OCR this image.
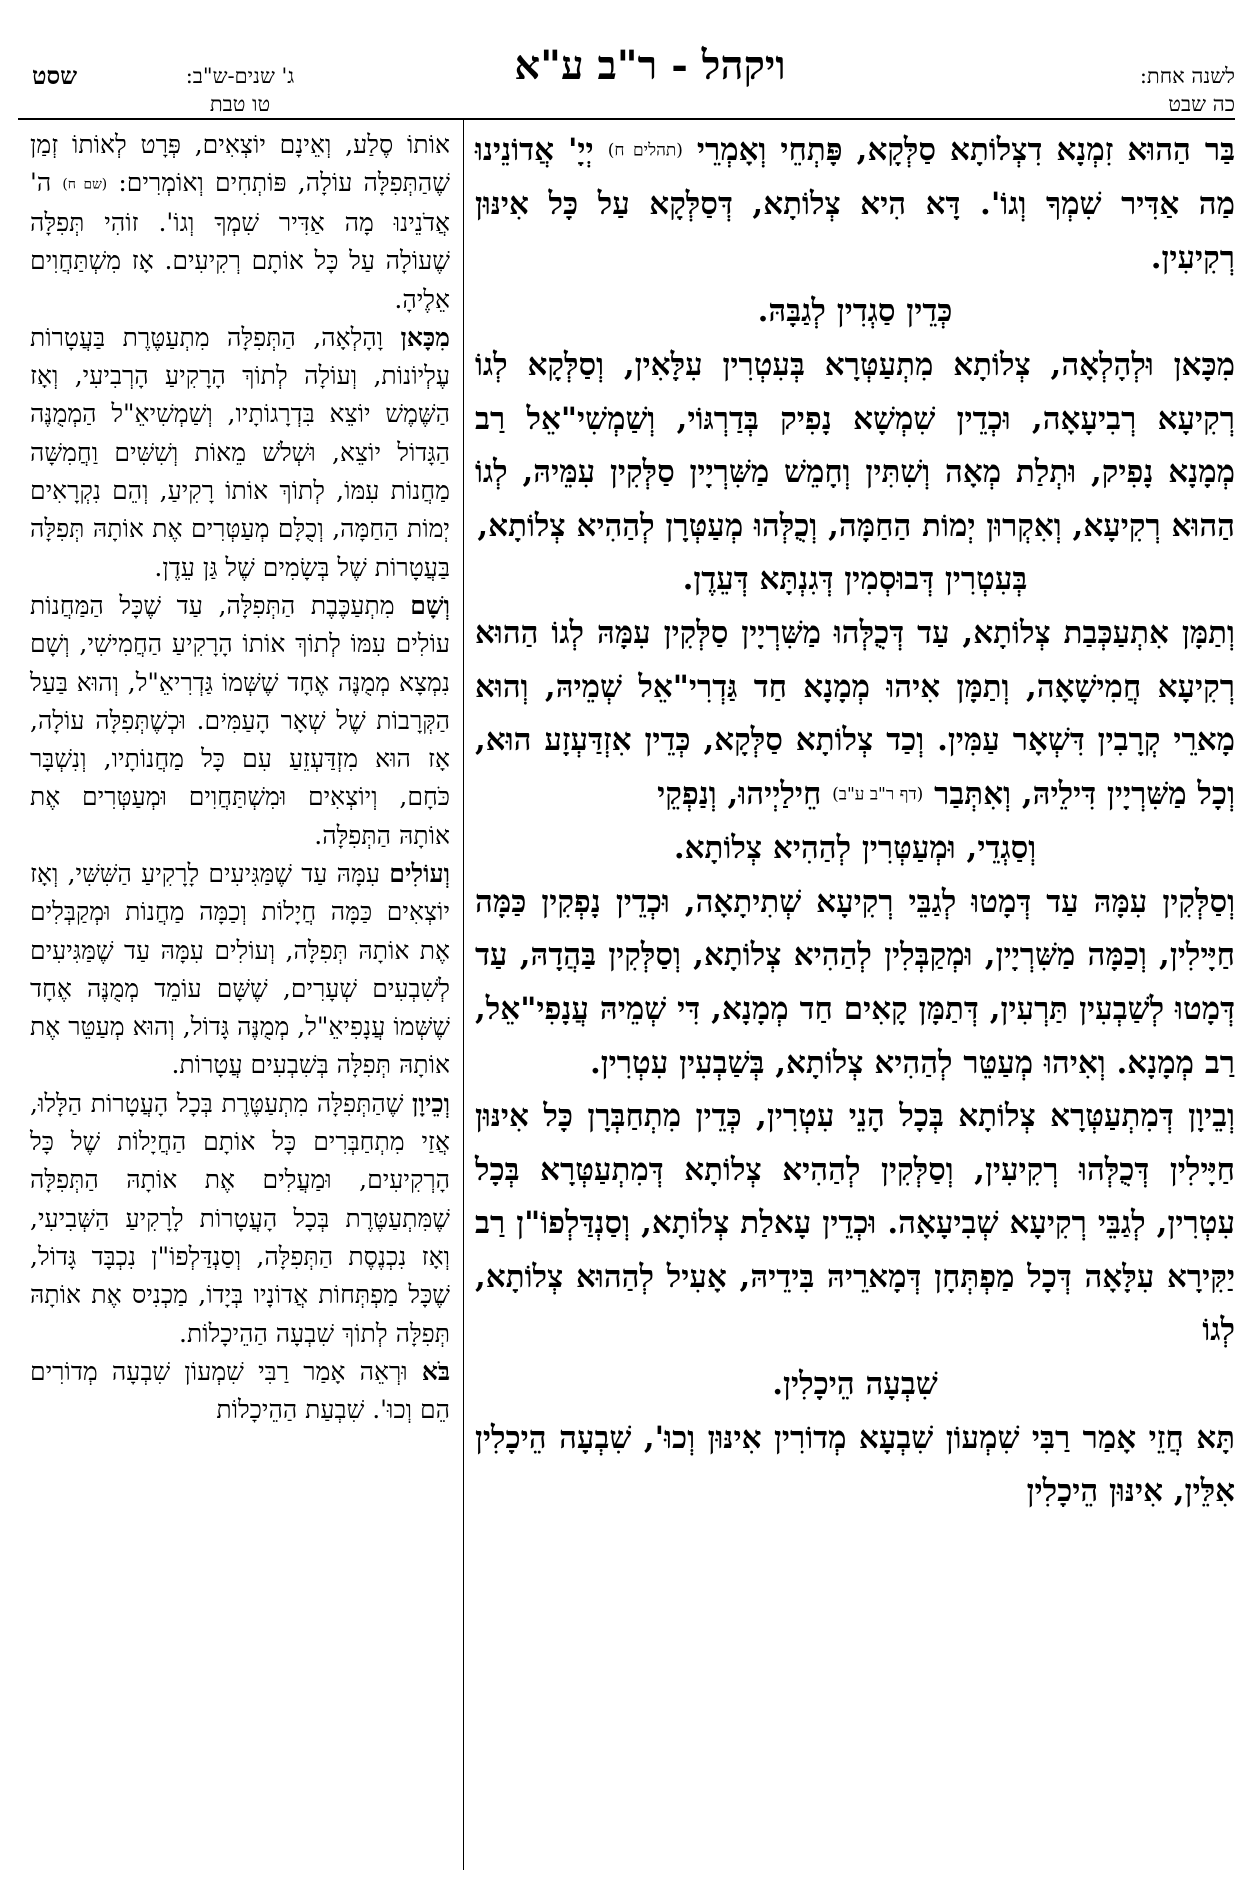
לשנה אחת:
כה שבט
ויקהל - ר"ב ע"א
ג' שנים-ש"ב:
טו טבת
שסט

בַּר הַהוּא זִמְנָא דִצְלוֹתָא סַלְּקָא, פָּתְחֵי וְאָמְרֵי (תהלים ח) יְיָ' אֲדוֹנֵינוּ מַה אַדִּיר שִׁמְךָ וְגוֹ'. דָּא הִיא צְלוֹתָא, דְּסַלְּקָא עַל כָּל אִינּוּן רְקִיעִין.

כְּדֵין סַגְדִין לְגַבָּהּ.

מִכָּאן וּלְהָלְאָה, צְלוֹתָא מִתְעַטְּרָא בְּעִטְרִין עִלָּאִין, וְסַלְּקָא לְגוֹ רְקִיעָא רְבִיעָאָה, וּכְדֵין שִׁמְשָׁא נָפִיק בְּדַרְגּוֹי, וְשַׁמְשִׁי"אֵל רַב מְמָנָא נָפִיק, וּתְלַת מְאָה וְשִׁתִּין וְחָמֵשׁ מַשִּׁרְיָין סַלְּקִין עִמֵּיהּ, לְגוֹ הַהוּא רְקִיעָא, וְאִקְרוּן יְמוֹת הַחַמָּה, וְכֻלְּהוּ מְעַטְּרָן לְהַהִיא צְלוֹתָא,

בְּעִטְרִין דְּבוּסְמִין דְּגִנְתָּא דְּעֵדֶן.

וְתַמָּן אִתְעַכְּבַת צְלוֹתָא, עַד דְּכֻלְּהוּ מַשִּׁרְיָין סַלְּקִין עִמָּהּ לְגוֹ הַהוּא רְקִיעָא חֲמִישָׁאָה, וְתַמָּן אִיהוּ מְמָנָא חַד גַּדְרִי"אֵל שְׁמֵיהּ, וְהוּא מָארֵי קְרָבִין דִּשְׁאָר עַמִּין. וְכַד צְלוֹתָא סַלְּקָא, כְּדֵין אִזְדַּעְזָע הוּא, וְכָל מַשִּׁרְיָין דִּילֵיהּ, וְאִתְּבַר (דף ר"ב ע"ב) חֵילַיְיהוּ, וְנַפְקֵי

וְסַגְדֵי, וּמְעַטְּרִין לְהַהִיא צְלוֹתָא.

וְסַלְּקִין עִמָּהּ עַד דְּמָטוּ לְגַבֵּי רְקִיעָא שְׁתִיתָאָה, וּכְדֵין נָפְקִין כַּמָּה חַיָּילִין, וְכַמָּה מַשִּׁרְיָין, וּמְקַבְּלִין לְהַהִיא צְלוֹתָא, וְסַלְּקִין בַּהֲדָהּ, עַד דְּמָטוּ לְשַׁבְעִין תַּרְעִין, דְּתַמָּן קָאִים חַד מְמָנָא, דִּי שְׁמֵיהּ עֲנָפִי"אֵל, רַב מְמָנָא. וְאִיהוּ מְעַטֵּר לְהַהִיא צְלוֹתָא, בְּשַׁבְעִין עִטְרִין.

וְבֵיוָן דְּמִתְעַטְּרָא צְלוֹתָא בְּכָל הָנֵי עִטְרִין, כְּדֵין מִתְחַבְּרָן כָּל אִינּוּן חַיָּילִין דְּכֻלְּהוּ רְקִיעִין, וְסַלְּקִין לְהַהִיא צְלוֹתָא דְּמִתְעַטְּרָא בְּכָל עִטְרִין, לְגַבֵּי רְקִיעָא שְׁבִיעָאָה. וּכְדֵין עָאלַת צְלוֹתָא, וְסַנְדַּלְפוֹ"ן רַב יַקִּירָא עִלָּאָה דְּכָל מַפְתְּחָן דְּמָארֵיהּ בִּידֵיהּ, אָעִיל לְהַהוּא צְלוֹתָא, לְגוֹ

שִׁבְעָה הֵיכָלִין.

תָּא חֲזֵי אָמַר רַבִּי שִׁמְעוֹן שִׁבְעָא מְדוֹרִין אִינּוּן וְכוּ', שִׁבְעָה הֵיכָלִין אִלֵּין, אִינּוּן הֵיכָלִין

אוֹתוֹ סֶלַע, וְאֵינָם יוֹצְאִים, פְּרָט לְאוֹתוֹ זְמַן שֶׁהַתְּפִלָּה עוֹלָה, פּוֹתְחִים וְאוֹמְרִים: (שם ח) ה' אֲדֹנֵינוּ מָה אַדִּיר שִׁמְךָ וְגוֹ'. זוֹהִי תְּפִלָּה שֶׁעוֹלָה עַל כָּל אוֹתָם רְקִיעִים. אָז מִשְׁתַּחֲוִים אֵלֶיהָ.

מִכָּאן וָהָלְאָה, הַתְּפִלָּה מִתְעַטֶּרֶת בַּעֲטָרוֹת עֶלְיוֹנוֹת, וְעוֹלָה לְתוֹךְ הָרָקִיעַ הָרְבִיעִי, וְאָז הַשֶּׁמֶשׁ יוֹצֵא בִּדְרָגוֹתָיו, וְשַׁמְשִׁיאֵ"ל הַמְמֻנֶּה הַגָּדוֹל יוֹצֵא, וּשְׁלֹשׁ מֵאוֹת וְשִׁשִּׁים וַחֲמִשָּׁה מַחֲנוֹת עִמּוֹ, לְתוֹךְ אוֹתוֹ רָקִיעַ, וְהֵם נִקְרָאִים יְמוֹת הַחַמָּה, וְכֻלָּם מְעַטְּרִים אֶת אוֹתָהּ תְּפִלָּה בַּעֲטָרוֹת שֶׁל בְּשָׂמִים שֶׁל גַּן עֵדֶן.

וְשָׁם מִתְעַכֶּבֶת הַתְּפִלָּה, עַד שֶׁכָּל הַמַּחֲנוֹת עוֹלִים עִמּוֹ לְתוֹךְ אוֹתוֹ הָרָקִיעַ הַחֲמִישִׁי, וְשָׁם נִמְצָא מְמֻנֶּה אֶחָד שֶׁשְּׁמוֹ גַּדְרִיאֵ"ל, וְהוּא בַּעַל הַקְּרָבוֹת שֶׁל שְׁאָר הָעַמִּים. וּכְשֶׁתְּפִלָּה עוֹלָה, אָז הוּא מִזְדַּעְזֵעַ עִם כָּל מַחֲנוֹתָיו, וְנִשְׁבָּר כֹּחָם, וְיוֹצְאִים וּמִשְׁתַּחֲוִים וּמְעַטְּרִים אֶת אוֹתָהּ הַתְּפִלָּה.

וְעוֹלִים עִמָּהּ עַד שֶׁמַּגִּיעִים לָרָקִיעַ הַשִּׁשִּׁי, וְאָז יוֹצְאִים כַּמָּה חֲיָלוֹת וְכַמָּה מַחֲנוֹת וּמְקַבְּלִים אֶת אוֹתָהּ תְּפִלָּה, וְעוֹלִים עִמָּהּ עַד שֶׁמַּגִּיעִים לְשִׁבְעִים שְׁעָרִים, שֶׁשָּׁם עוֹמֵד מְמֻנֶּה אֶחָד שֶׁשְּׁמוֹ עֲנָפִיאֵ"ל, מְמֻנֶּה גָּדוֹל, וְהוּא מְעַטֵּר אֶת אוֹתָהּ תְּפִלָּה בְּשִׁבְעִים עֲטָרוֹת.

וְכֵיוָן שֶׁהַתְּפִלָּה מִתְעַטֶּרֶת בְּכָל הָעֲטָרוֹת הַלָּלוּ, אֲזַי מִתְחַבְּרִים כָּל אוֹתָם הַחֲיָלוֹת שֶׁל כָּל הָרְקִיעִים, וּמַעֲלִים אֶת אוֹתָהּ הַתְּפִלָּה שֶׁמִּתְעַטֶּרֶת בְּכָל הָעֲטָרוֹת לָרָקִיעַ הַשְּׁבִיעִי, וְאָז נִכְנֶסֶת הַתְּפִלָּה, וְסַנְדַּלְפוֹ"ן נִכְבָּד גָּדוֹל, שֶׁכָּל מַפְתְּחוֹת אֲדוֹנָיו בְּיָדוֹ, מַכְנִיס אֶת אוֹתָהּ תְּפִלָּה לְתוֹךְ שִׁבְעָה הַהֵיכָלוֹת.

בֹּא וּרְאֵה אָמַר רַבִּי שִׁמְעוֹן שִׁבְעָה מְדוֹרִים הֵם וְכוּ'. שִׁבְעַת הַהֵיכָלוֹת
